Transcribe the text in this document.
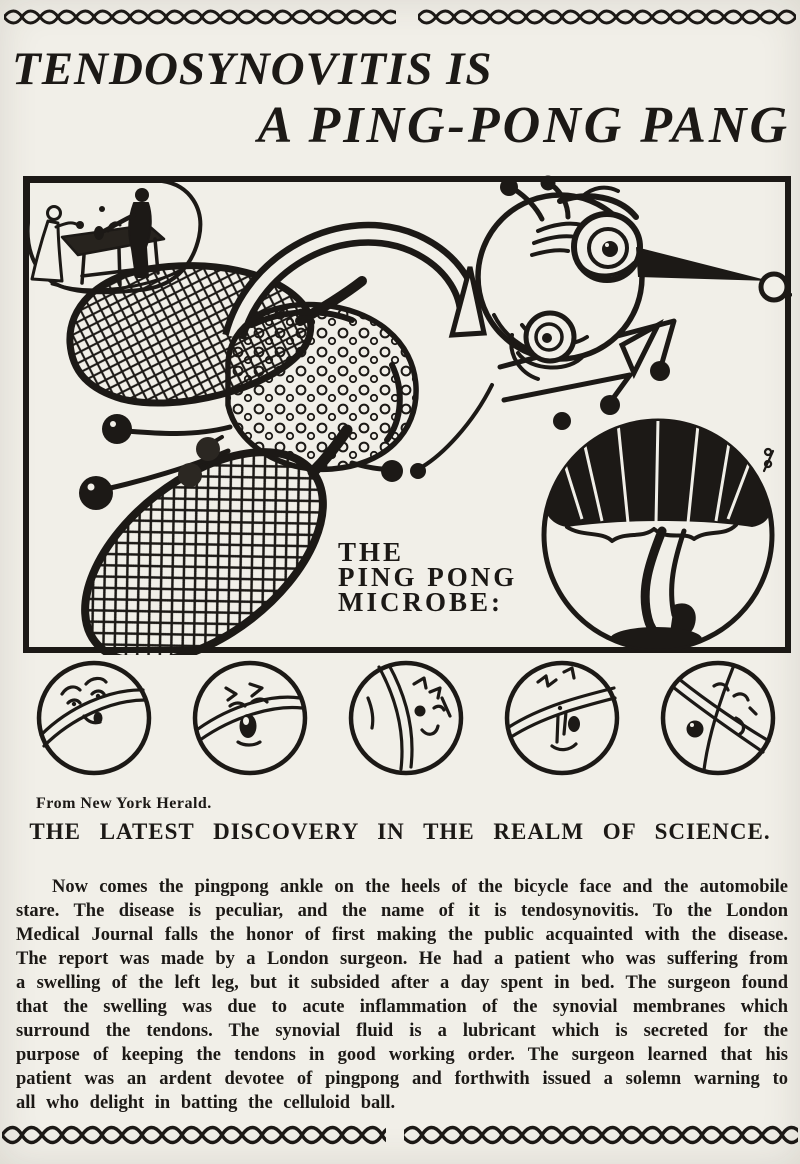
TENDOSYNOVITIS IS
A PING-PONG PANG
THE
PING PONG
MICROBE:
From New York Herald.
THE LATEST DISCOVERY IN THE REALM OF SCIENCE.

Now comes the pingpong ankle on the heels of the bicycle face and the automobile stare. The disease is peculiar, and the name of it is tendosynovitis. To the London Medical Journal falls the honor of first making the public acquainted with the disease. The report was made by a London surgeon. He had a patient who was suffering from a swelling of the left leg, but it subsided after a day spent in bed. The surgeon found that the swelling was due to acute inflammation of the synovial membranes which surround the tendons. The synovial fluid is a lubricant which is secreted for the purpose of keeping the tendons in good working order. The surgeon learned that his patient was an ardent devotee of pingpong and forthwith issued a solemn warning to all who delight in batting the celluloid ball.
